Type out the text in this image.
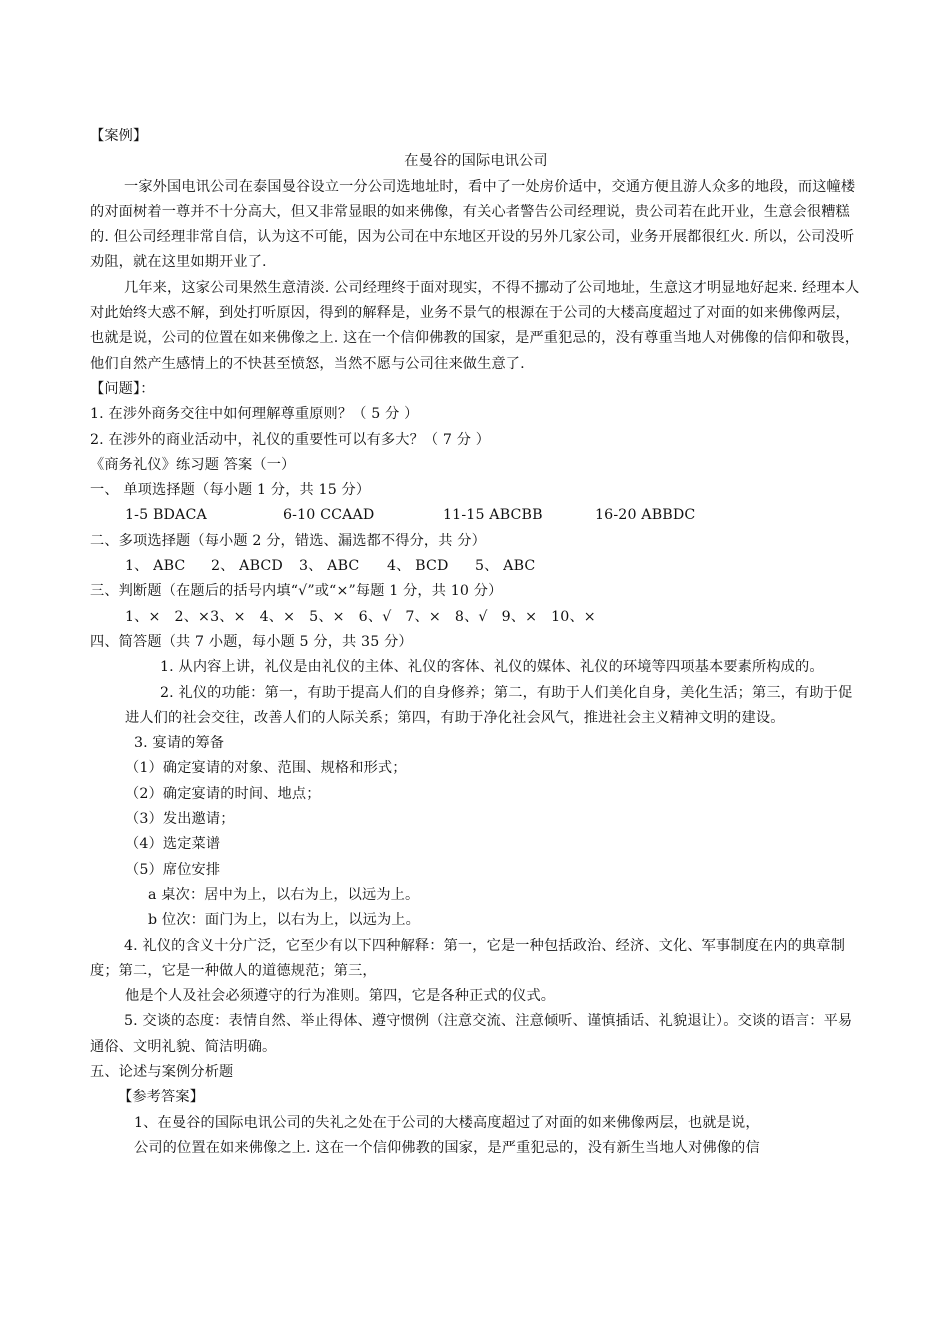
【案例】
在曼谷的国际电讯公司
一家外国电讯公司在泰国曼谷设立一分公司选地址时，看中了一处房价适中，交通方便且游人众多的地段，而这幢楼的对面树着一尊并不十分高大，但又非常显眼的如来佛像，有关心者警告公司经理说，贵公司若在此开业，生意会很糟糕的. 但公司经理非常自信，认为这不可能，因为公司在中东地区开设的另外几家公司，业务开展都很红火. 所以，公司没听劝阻，就在这里如期开业了.
几年来，这家公司果然生意清淡. 公司经理终于面对现实，不得不挪动了公司地址，生意这才明显地好起来. 经理本人对此始终大惑不解，到处打听原因，得到的解释是，业务不景气的根源在于公司的大楼高度超过了对面的如来佛像两层，也就是说，公司的位置在如来佛像之上. 这在一个信仰佛教的国家，是严重犯忌的，没有尊重当地人对佛像的信仰和敬畏，他们自然产生感情上的不快甚至愤怒，当然不愿与公司往来做生意了.
【问题】：
1. 在涉外商务交往中如何理解尊重原则？（ 5 分 ）
2. 在涉外的商业活动中，礼仪的重要性可以有多大？（ 7 分 ）
《商务礼仪》练习题 答案（一）
一、 单项选择题（每小题 1 分，共 15 分）
1-5 BDACA	6-10 CCAAD	11-15 ABCBB	16-20 ABBDC
二、多项选择题（每小题 2 分，错选、漏选都不得分，共 分）
1、 ABC 2、 ABCD 3、 ABC 4、 BCD 5、 ABC
三、判断题（在题后的括号内填“√”或“×”每题 1 分，共 10 分）
1、×   2、×3、×   4、×   5、×   6、√   7、×   8、√   9、×   10、×
四、简答题（共 7 小题，每小题 5 分，共 35 分）
1. 从内容上讲，礼仪是由礼仪的主体、礼仪的客体、礼仪的媒体、礼仪的环境等四项基本要素所构成的。
2. 礼仪的功能：第一，有助于提高人们的自身修养；第二，有助于人们美化自身，美化生活；第三，有助于促进人们的社会交往，改善人们的人际关系；第四，有助于净化社会风气，推进社会主义精神文明的建设。
3. 宴请的筹备
（1）确定宴请的对象、范围、规格和形式；
（2）确定宴请的时间、地点；
（3）发出邀请；
（4）选定菜谱
（5）席位安排
a 桌次：居中为上，以右为上，以远为上。
b 位次：面门为上，以右为上，以远为上。
4. 礼仪的含义十分广泛，它至少有以下四种解释：第一，它是一种包括政治、经济、文化、军事制度在内的典章制度；第二，它是一种做人的道德规范；第三，
他是个人及社会必须遵守的行为准则。第四，它是各种正式的仪式。
5. 交谈的态度：表情自然、举止得体、遵守惯例（注意交流、注意倾听、谨慎插话、礼貌退让）。交谈的语言：平易通俗、文明礼貌、简洁明确。
五、论述与案例分析题
【参考答案】
1、在曼谷的国际电讯公司的失礼之处在于公司的大楼高度超过了对面的如来佛像两层，也就是说，
公司的位置在如来佛像之上. 这在一个信仰佛教的国家，是严重犯忌的，没有新生当地人对佛像的信
